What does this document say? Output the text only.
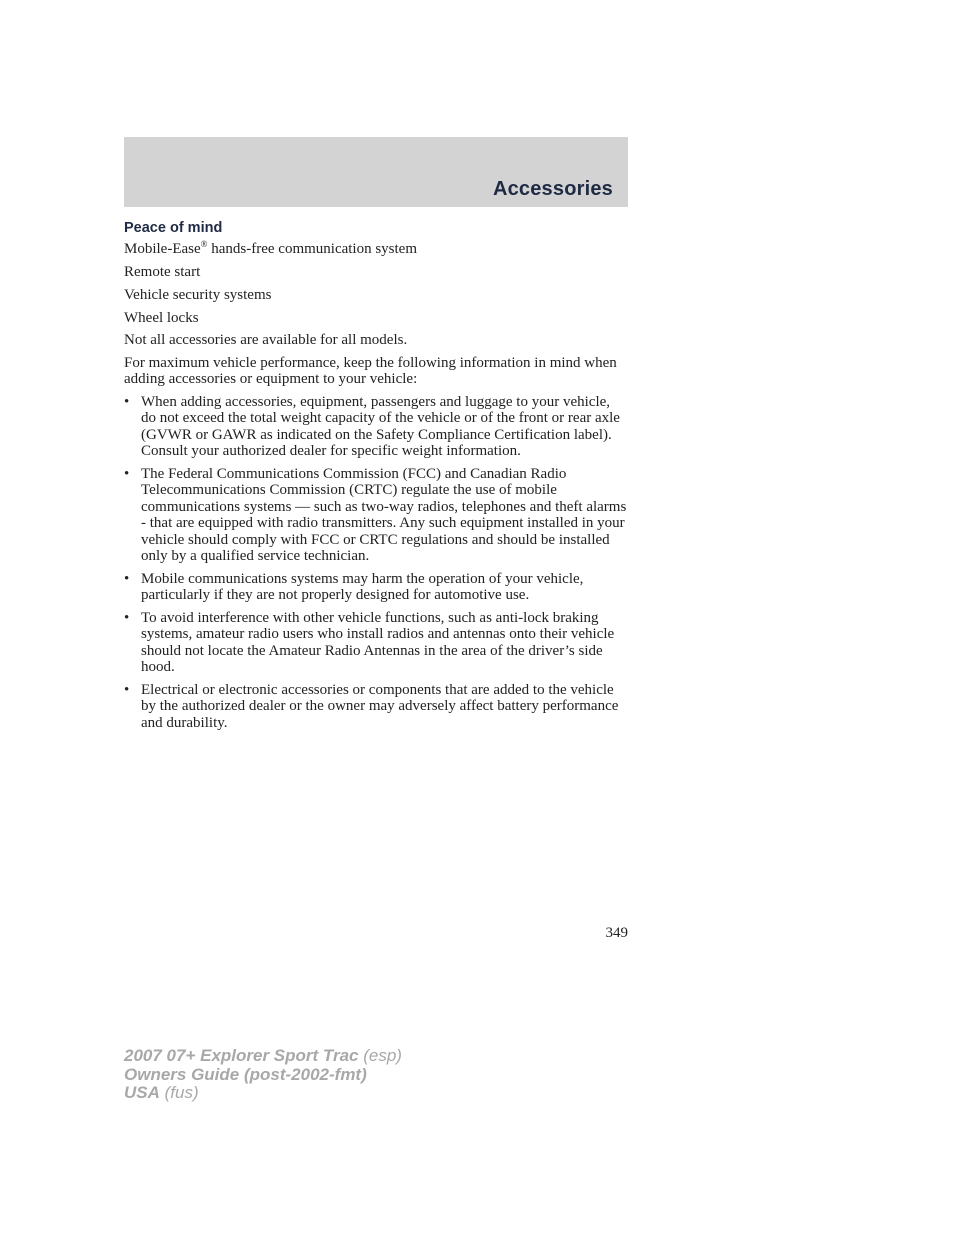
Accessories
Peace of mind

Mobile-Ease® hands-free communication system

Remote start

Vehicle security systems

Wheel locks

Not all accessories are available for all models.

For maximum vehicle performance, keep the following information in mind when adding accessories or equipment to your vehicle:

• When adding accessories, equipment, passengers and luggage to your vehicle, do not exceed the total weight capacity of the vehicle or of the front or rear axle (GVWR or GAWR as indicated on the Safety Compliance Certification label). Consult your authorized dealer for specific weight information.
• The Federal Communications Commission (FCC) and Canadian Radio Telecommunications Commission (CRTC) regulate the use of mobile communications systems — such as two-way radios, telephones and theft alarms - that are equipped with radio transmitters. Any such equipment installed in your vehicle should comply with FCC or CRTC regulations and should be installed only by a qualified service technician.
• Mobile communications systems may harm the operation of your vehicle, particularly if they are not properly designed for automotive use.
• To avoid interference with other vehicle functions, such as anti-lock braking systems, amateur radio users who install radios and antennas onto their vehicle should not locate the Amateur Radio Antennas in the area of the driver’s side hood.
• Electrical or electronic accessories or components that are added to the vehicle by the authorized dealer or the owner may adversely affect battery performance and durability.
349
2007 07+ Explorer Sport Trac (esp)
Owners Guide (post-2002-fmt)
USA (fus)
